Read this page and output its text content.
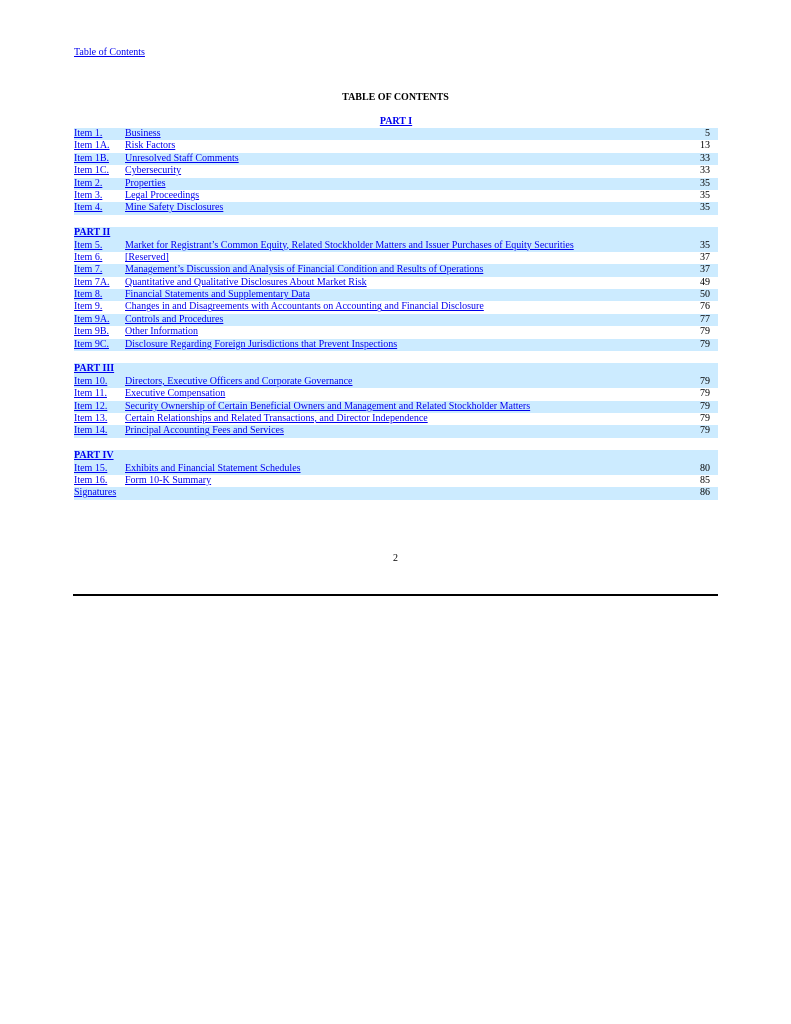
Table of Contents
TABLE OF CONTENTS
PART I
Item 1.	Business	5
Item 1A.	Risk Factors	13
Item 1B.	Unresolved Staff Comments	33
Item 1C.	Cybersecurity	33
Item 2.	Properties	35
Item 3.	Legal Proceedings	35
Item 4.	Mine Safety Disclosures	35
PART II
Item 5.	Market for Registrant’s Common Equity, Related Stockholder Matters and Issuer Purchases of Equity Securities	35
Item 6.	[Reserved]	37
Item 7.	Management’s Discussion and Analysis of Financial Condition and Results of Operations	37
Item 7A.	Quantitative and Qualitative Disclosures About Market Risk	49
Item 8.	Financial Statements and Supplementary Data	50
Item 9.	Changes in and Disagreements with Accountants on Accounting and Financial Disclosure	76
Item 9A.	Controls and Procedures	77
Item 9B.	Other Information	79
Item 9C.	Disclosure Regarding Foreign Jurisdictions that Prevent Inspections	79
PART III
Item 10.	Directors, Executive Officers and Corporate Governance	79
Item 11.	Executive Compensation	79
Item 12.	Security Ownership of Certain Beneficial Owners and Management and Related Stockholder Matters	79
Item 13.	Certain Relationships and Related Transactions, and Director Independence	79
Item 14.	Principal Accounting Fees and Services	79
PART IV
Item 15.	Exhibits and Financial Statement Schedules	80
Item 16.	Form 10-K Summary	85
Signatures	86
2
